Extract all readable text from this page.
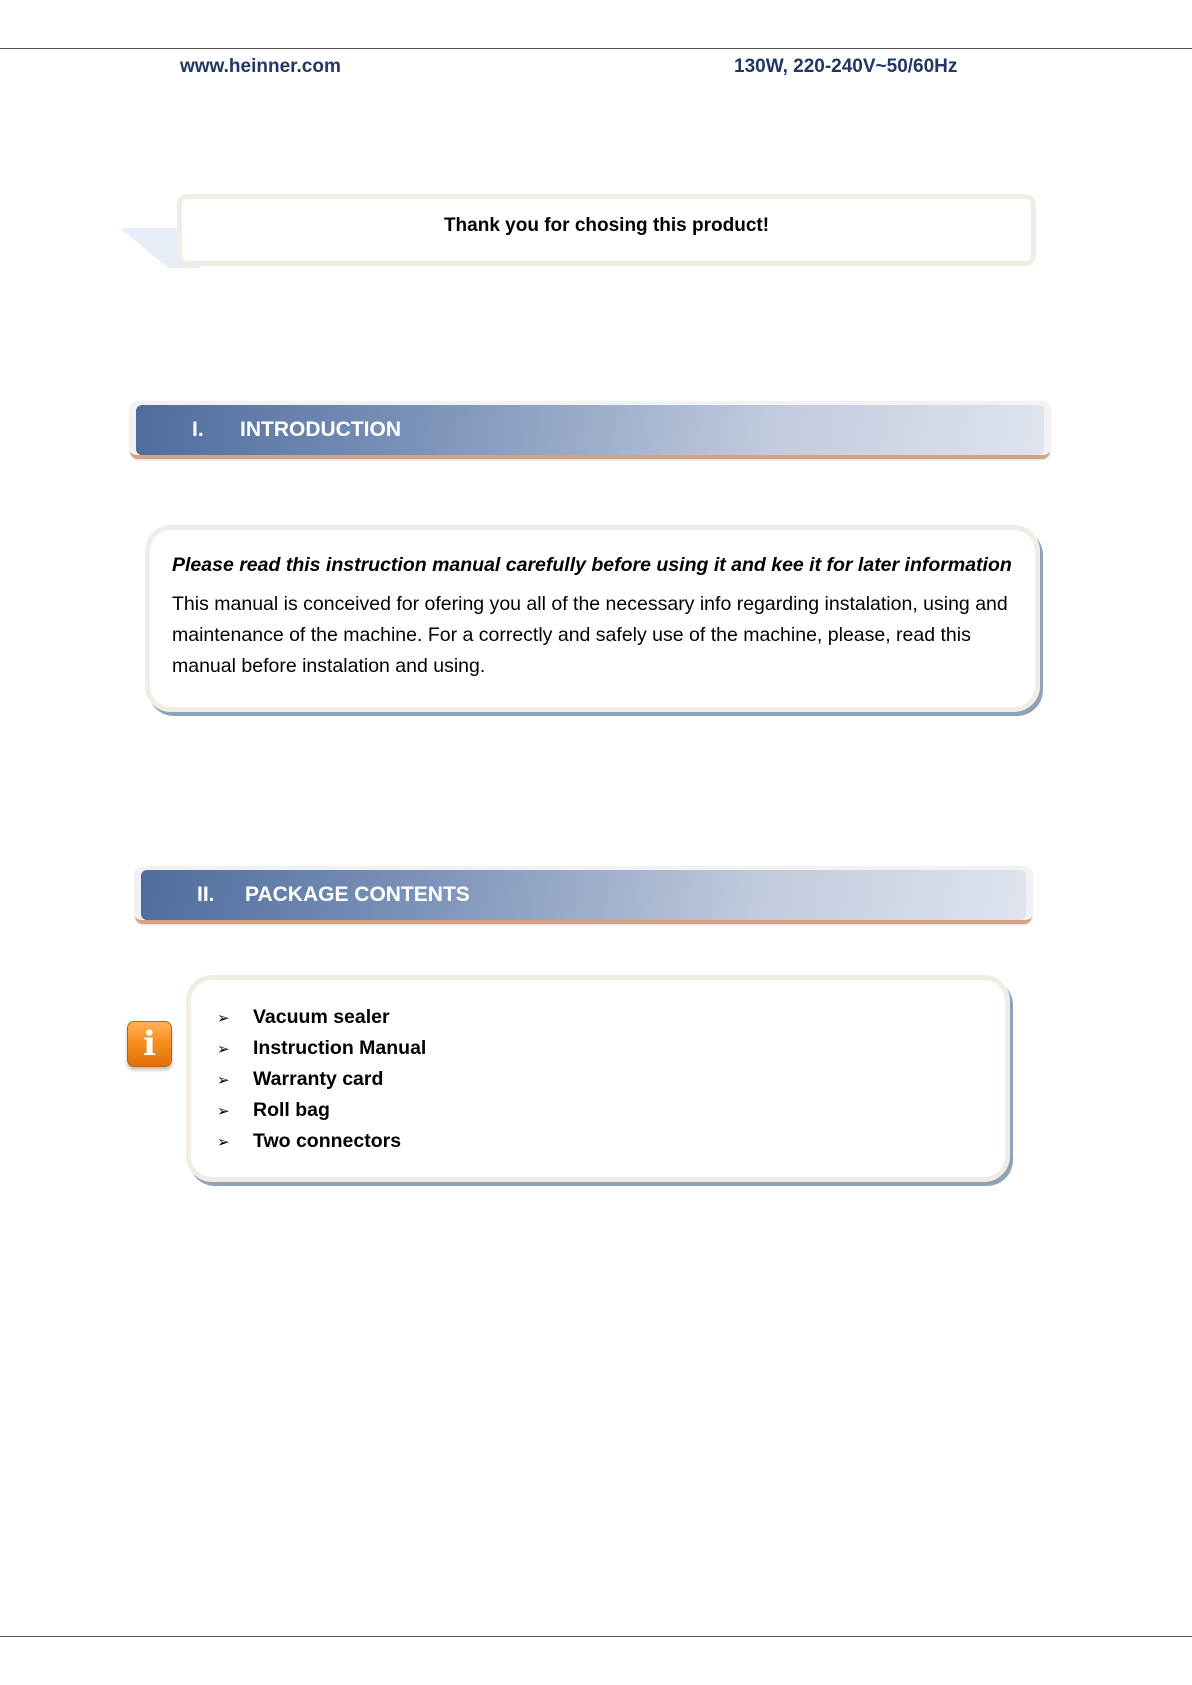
www.heinner.com	130W, 220-240V~50/60Hz
Thank you for chosing this product!
I.	INTRODUCTION
Please read this instruction manual carefully before using it and kee it for later information
This manual is conceived for ofering you all of the necessary info regarding instalation, using and maintenance of the machine. For a correctly and safely use of the machine, please, read this manual before instalation and using.
II.	PACKAGE CONTENTS
i
➢	Vacuum sealer
➢	Instruction Manual
➢	Warranty card
➢	Roll bag
➢	Two connectors
